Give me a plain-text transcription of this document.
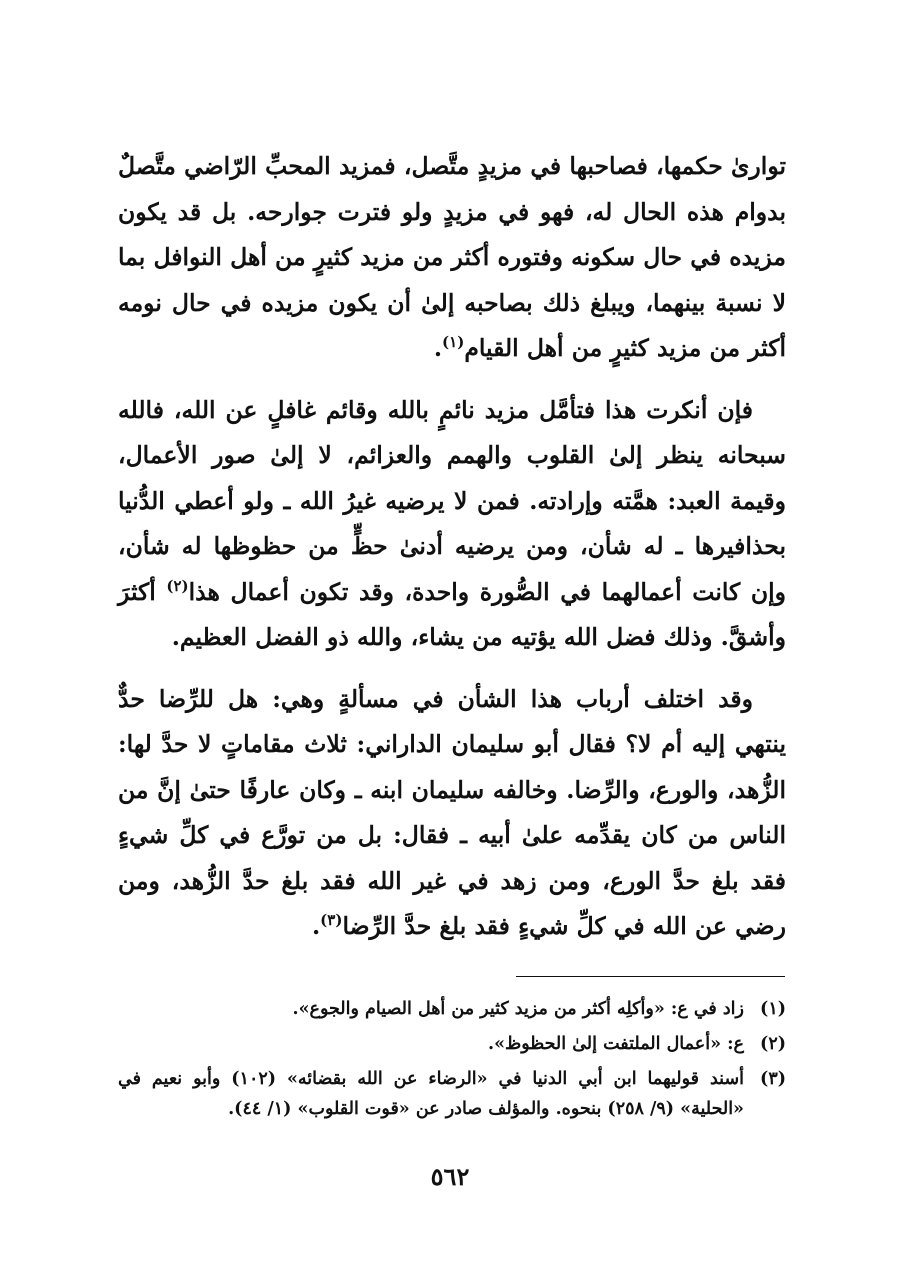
توارىٰ حكمها، فصاحبها في مزيدٍ متَّصل، فمزيد المحبِّ الرّاضي متَّصلٌ بدوام هذه الحال له، فهو في مزيدٍ ولو فترت جوارحه. بل قد يكون مزيده في حال سكونه وفتوره أكثر من مزيد كثيرٍ من أهل النوافل بما لا نسبة بينهما، ويبلغ ذلك بصاحبه إلىٰ أن يكون مزيده في حال نومه أكثر من مزيد كثيرٍ من أهل القيام$^{(١)}$.

فإن أنكرت هذا فتأمَّل مزيد نائمٍ بالله وقائم غافلٍ عن الله، فالله سبحانه ينظر إلىٰ القلوب والهمم والعزائم، لا إلىٰ صور الأعمال، وقيمة العبد: همَّته وإرادته. فمن لا يرضيه غيرُ الله ـ ولو أعطي الدُّنيا بحذافيرها ـ له شأن، ومن يرضيه أدنىٰ حظٍّ من حظوظها له شأن، وإن كانت أعمالهما في الصُّورة واحدة، وقد تكون أعمال هذا$^{(٢)}$ أكثرَ وأشقَّ. وذلك فضل الله يؤتيه من يشاء، والله ذو الفضل العظيم.

وقد اختلف أرباب هذا الشأن في مسألةٍ وهي: هل للرِّضا حدٌّ ينتهي إليه أم لا؟ فقال أبو سليمان الداراني: ثلاث مقاماتٍ لا حدَّ لها: الزُّهد، والورع، والرِّضا. وخالفه سليمان ابنه ـ وكان عارفًا حتىٰ إنَّ من الناس من كان يقدِّمه علىٰ أبيه ـ فقال: بل من تورَّع في كلِّ شيءٍ فقد بلغ حدَّ الورع، ومن زهد في غير الله فقد بلغ حدَّ الزُّهد، ومن رضي عن الله في كلِّ شيءٍ فقد بلغ حدَّ الرِّضا$^{(٣)}$.

(١)
زاد في ع: «وأكلِه أكثر من مزيد كثير من أهل الصيام والجوع».
(٢)
ع: «أعمال الملتفت إلىٰ الحظوظ».
(٣)
أسند قوليهما ابن أبي الدنيا في «الرضاء عن الله بقضائه» (١٠٢) وأبو نعيم في «الحلية» (٩/ ٢٥٨) بنحوه. والمؤلف صادر عن «قوت القلوب» (١/ ٤٤).
٥٦٢
